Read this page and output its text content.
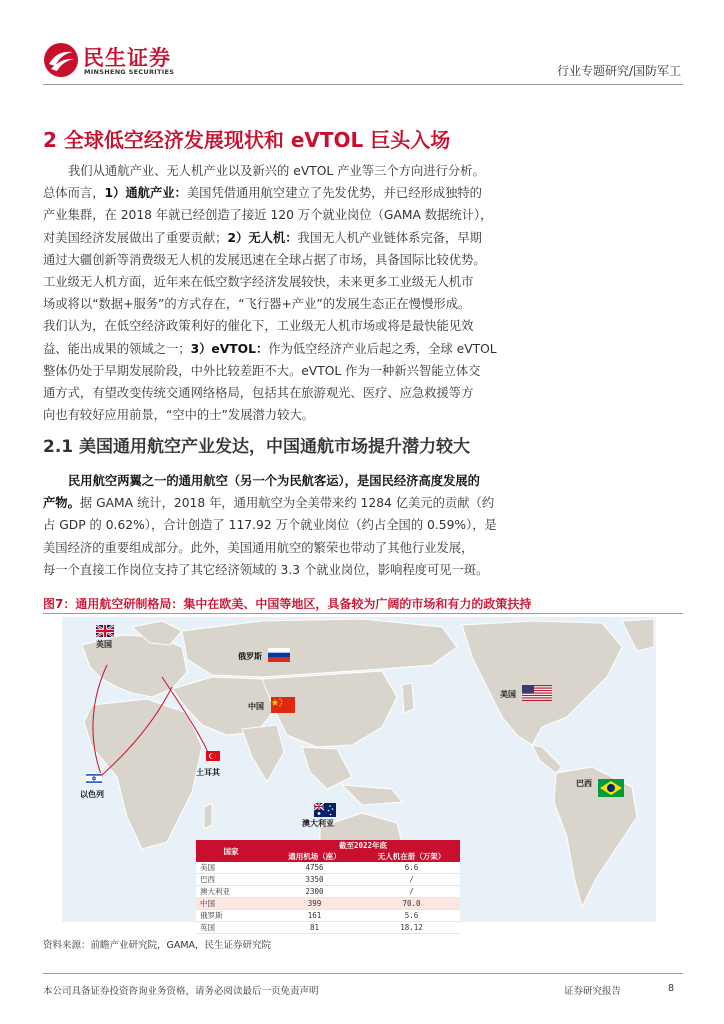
民生证券
MINSHENG SECURITIES	行业专题研究/国防军工
2 全球低空经济发展现状和 eVTOL 巨头入场
我们从通航产业、无人机产业以及新兴的 eVTOL 产业等三个方向进行分析。
总体而言，1）通航产业：美国凭借通用航空建立了先发优势，并已经形成独特的
产业集群，在 2018 年就已经创造了接近 120 万个就业岗位（GAMA 数据统计），
对美国经济发展做出了重要贡献；2）无人机：我国无人机产业链体系完备，早期
通过大疆创新等消费级无人机的发展迅速在全球占据了市场，具备国际比较优势。
工业级无人机方面，近年来在低空数字经济发展较快，未来更多工业级无人机市
场或将以“数据+服务”的方式存在，“飞行器+产业”的发展生态正在慢慢形成。
我们认为，在低空经济政策利好的催化下，工业级无人机市场或将是最快能见效
益、能出成果的领域之一；3）eVTOL：作为低空经济产业后起之秀，全球 eVTOL
整体仍处于早期发展阶段，中外比较差距不大。eVTOL 作为一种新兴智能立体交
通方式，有望改变传统交通网络格局，包括其在旅游观光、医疗、应急救援等方
向也有较好应用前景，“空中的士”发展潜力较大。
2.1 美国通用航空产业发达，中国通航市场提升潜力较大
民用航空两翼之一的通用航空（另一个为民航客运），是国民经济高度发展的
产物。据 GAMA 统计，2018 年，通用航空为全美带来约 1284 亿美元的贡献（约
占 GDP 的 0.62%），合计创造了 117.92 万个就业岗位（约占全国的 0.59%），是
美国经济的重要组成部分。此外，美国通用航空的繁荣也带动了其他行业发展，
每一个直接工作岗位支持了其它经济领域的 3.3 个就业岗位，影响程度可见一斑。
图7：通用航空研制格局：集中在欧美、中国等地区，具备较为广阔的市场和有力的政策扶持
英国
俄罗斯
中国
美国
土耳其
以色列
巴西
澳大利亚
国家	截至2022年底	
	通用机场（座）	无人机在册（万架）
美国	4756	6.6
巴西	3350	/
澳大利亚	2300	/
中国	399	70.0
俄罗斯	161	5.6
英国	81	18.12
资料来源：前瞻产业研究院，GAMA，民生证券研究院
本公司具备证券投资咨询业务资格，请务必阅读最后一页免责声明	证券研究报告	8
